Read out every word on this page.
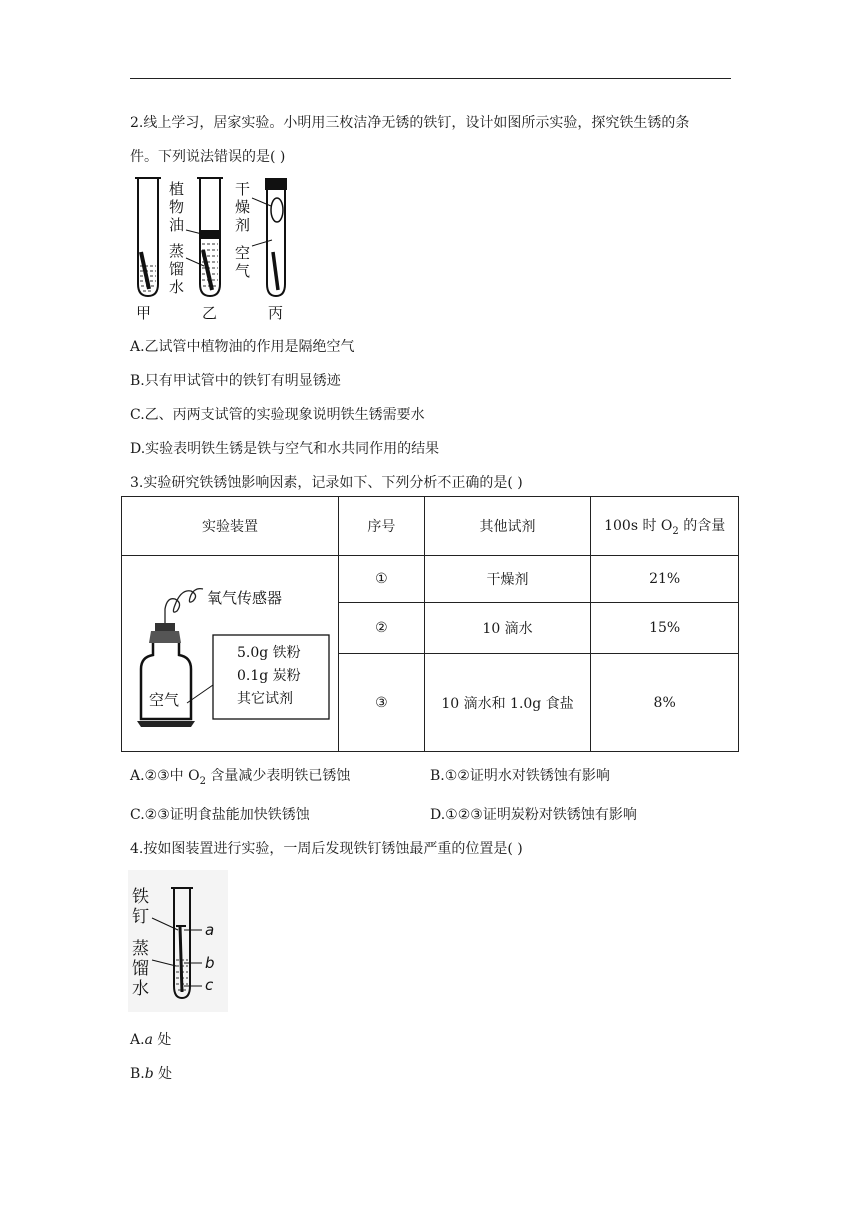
2.线上学习，居家实验。小明用三枚洁净无锈的铁钉，设计如图所示实验，探究铁生锈的条
件。下列说法错误的是( )
植
物
油
蒸
馏
水
干
燥
剂
空
气
甲	乙	丙
A.乙试管中植物油的作用是隔绝空气
B.只有甲试管中的铁钉有明显锈迹
C.乙、丙两支试管的实验现象说明铁生锈需要水
D.实验表明铁生锈是铁与空气和水共同作用的结果
3.实验研究铁锈蚀影响因素，记录如下、下列分析不正确的是( )
实验装置	序号	其他试剂	100s 时 $O_2$ 的含量

氧气传感器
空气
5.0g 铁粉
0.1g 炭粉
其它试剂	①	干燥剂	21%
	②	10 滴水	15%
	③	10 滴水和 1.0g 食盐	8%
A.②③中 $O_2$ 含量减少表明铁已锈蚀	B.①②证明水对铁锈蚀有影响
C.②③证明食盐能加快铁锈蚀	D.①②③证明炭粉对铁锈蚀有影响
4.按如图装置进行实验，一周后发现铁钉锈蚀最严重的位置是( )
铁
钉
蒸
馏
水
a
b
c
A.a 处
B.b 处
